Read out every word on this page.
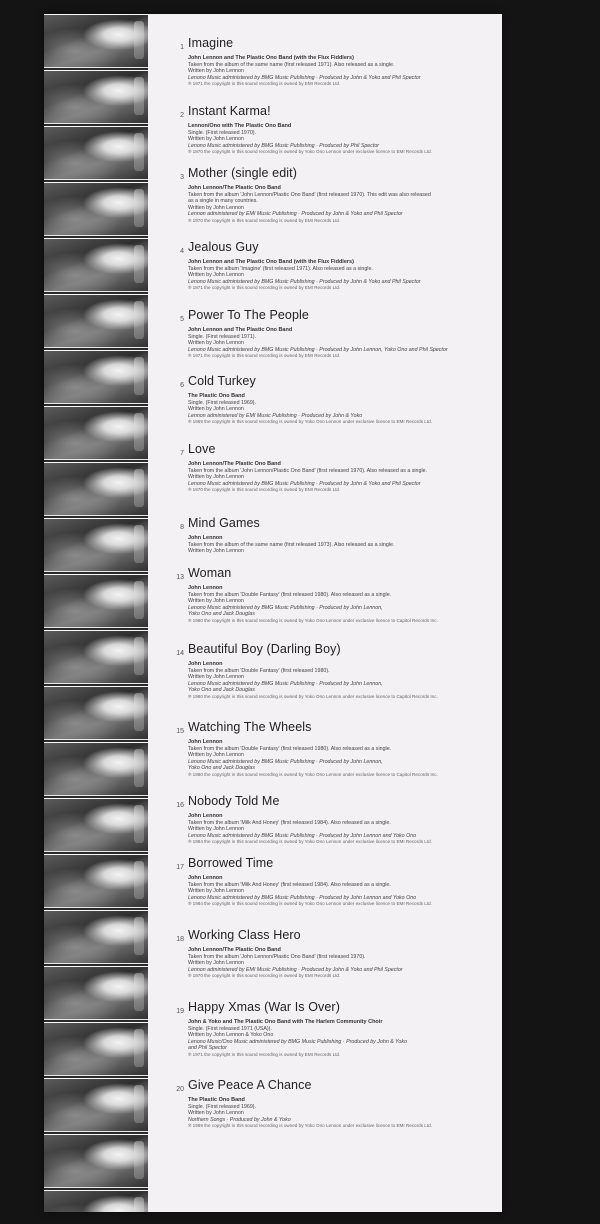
1 Imagine
John Lennon and The Plastic Ono Band (with the Flux Fiddlers)
Taken from the album of the same name (first released 1971). Also released as a single.
Written by John Lennon
Lenono Music administered by BMG Music Publishing · Produced by John & Yoko and Phil Spector
℗ 1971 the copyright in this sound recording is owned by EMI Records Ltd.
2 Instant Karma!
Lennon/Ono with The Plastic Ono Band
Single. (First released 1970).
Written by John Lennon
Lenono Music administered by BMG Music Publishing · Produced by Phil Spector
℗ 1970 the copyright in this sound recording is owned by Yoko Ono Lennon under exclusive licence to EMI Records Ltd.
3 Mother (single edit)
John Lennon/The Plastic Ono Band
Taken from the album 'John Lennon/Plastic Ono Band' (first released 1970). This edit was also released
as a single in many countries.
Written by John Lennon
Lennon administered by EMI Music Publishing · Produced by John & Yoko and Phil Spector
℗ 1970 the copyright in this sound recording is owned by EMI Records Ltd.
4 Jealous Guy
John Lennon and The Plastic Ono Band (with the Flux Fiddlers)
Taken from the album 'Imagine' (first released 1971). Also released as a single.
Written by John Lennon
Lenono Music administered by BMG Music Publishing · Produced by John & Yoko and Phil Spector
℗ 1971 the copyright in this sound recording is owned by EMI Records Ltd.
5 Power To The People
John Lennon and The Plastic Ono Band
Single. (First released 1971).
Written by John Lennon
Lenono Music administered by BMG Music Publishing · Produced by John Lennon, Yoko Ono and Phil Spector
℗ 1971 the copyright in this sound recording is owned by EMI Records Ltd.
6 Cold Turkey
The Plastic Ono Band
Single. (First released 1969).
Written by John Lennon
Lennon administered by EMI Music Publishing · Produced by John & Yoko
℗ 1969 the copyright in this sound recording is owned by Yoko Ono Lennon under exclusive licence to EMI Records Ltd.
7 Love
John Lennon/The Plastic Ono Band
Taken from the album 'John Lennon/Plastic Ono Band' (first released 1970). Also released as a single.
Written by John Lennon
Lenono Music administered by BMG Music Publishing · Produced by John & Yoko and Phil Spector
℗ 1970 the copyright in this sound recording is owned by EMI Records Ltd.
8 Mind Games
John Lennon
Taken from the album of the same name (first released 1973). Also released as a single.
Written by John Lennon
13 Woman
John Lennon
Taken from the album 'Double Fantasy' (first released 1980). Also released as a single.
Written by John Lennon
Lenono Music administered by BMG Music Publishing · Produced by John Lennon,
Yoko Ono and Jack Douglas
℗ 1980 the copyright in this sound recording is owned by Yoko Ono Lennon under exclusive licence to Capitol Records Inc.
14 Beautiful Boy (Darling Boy)
John Lennon
Taken from the album 'Double Fantasy' (first released 1980).
Written by John Lennon
Lenono Music administered by BMG Music Publishing · Produced by John Lennon,
Yoko Ono and Jack Douglas
℗ 1980 the copyright in this sound recording is owned by Yoko Ono Lennon under exclusive licence to Capitol Records Inc.
15 Watching The Wheels
John Lennon
Taken from the album 'Double Fantasy' (first released 1980). Also released as a single.
Written by John Lennon
Lenono Music administered by BMG Music Publishing · Produced by John Lennon,
Yoko Ono and Jack Douglas
℗ 1980 the copyright in this sound recording is owned by Yoko Ono Lennon under exclusive licence to Capitol Records Inc.
16 Nobody Told Me
John Lennon
Taken from the album 'Milk And Honey' (first released 1984). Also released as a single.
Written by John Lennon
Lenono Music administered by BMG Music Publishing · Produced by John Lennon and Yoko Ono
℗ 1984 the copyright in this sound recording is owned by Yoko Ono Lennon under exclusive licence to EMI Records Ltd.
17 Borrowed Time
John Lennon
Taken from the album 'Milk And Honey' (first released 1984). Also released as a single.
Written by John Lennon
Lenono Music administered by BMG Music Publishing · Produced by John Lennon and Yoko Ono
℗ 1984 the copyright in this sound recording is owned by Yoko Ono Lennon under exclusive licence to EMI Records Ltd.
18 Working Class Hero
John Lennon/The Plastic Ono Band
Taken from the album 'John Lennon/Plastic Ono Band' (first released 1970).
Written by John Lennon
Lennon administered by EMI Music Publishing · Produced by John & Yoko and Phil Spector
℗ 1970 the copyright in this sound recording is owned by EMI Records Ltd.
19 Happy Xmas (War Is Over)
John & Yoko and The Plastic Ono Band with The Harlem Community Choir
Single. (First released 1971 (USA)).
Written by John Lennon & Yoko Ono
Lenono Music/Ono Music administered by BMG Music Publishing · Produced by John & Yoko
and Phil Spector
℗ 1971 the copyright in this sound recording is owned by EMI Records Ltd.
20 Give Peace A Chance
The Plastic Ono Band
Single. (First released 1969).
Written by John Lennon
Northern Songs · Produced by John & Yoko
℗ 1969 the copyright in this sound recording is owned by Yoko Ono Lennon under exclusive licence to EMI Records Ltd.
